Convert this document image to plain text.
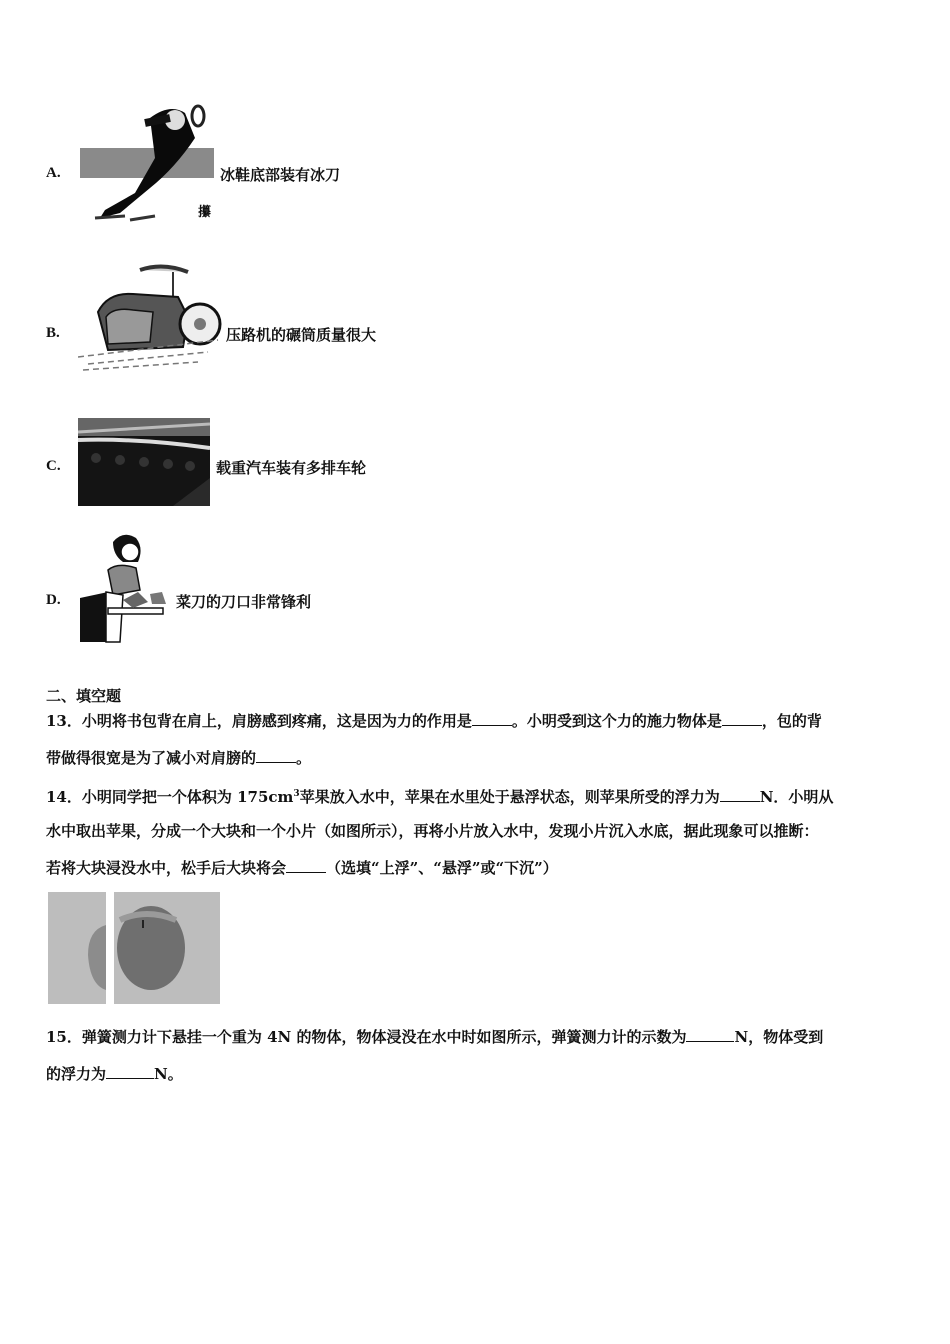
A.
攥
冰鞋底部装有冰刀
B.	压路机的碾筒质量很大
C.	载重汽车装有多排车轮
D.	菜刀的刀口非常锋利
二、填空题
13．小明将书包背在肩上，肩膀感到疼痛，这是因为力的作用是	。小明受到这个力的施力物体是	，包的背
带做得很宽是为了减小对肩膀的	。
14．小明同学把一个体积为 $175cm^3$苹果放入水中，苹果在水里处于悬浮状态，则苹果所受的浮力为	N．小明从
水中取出苹果，分成一个大块和一个小片（如图所示），再将小片放入水中，发现小片沉入水底，据此现象可以推断：
若将大块浸没水中，松手后大块将会	（选填“上浮”、“悬浮”或“下沉”）
15．弹簧测力计下悬挂一个重为 4N 的物体，物体浸没在水中时如图所示，弹簧测力计的示数为	N，物体受到
的浮力为	N。
